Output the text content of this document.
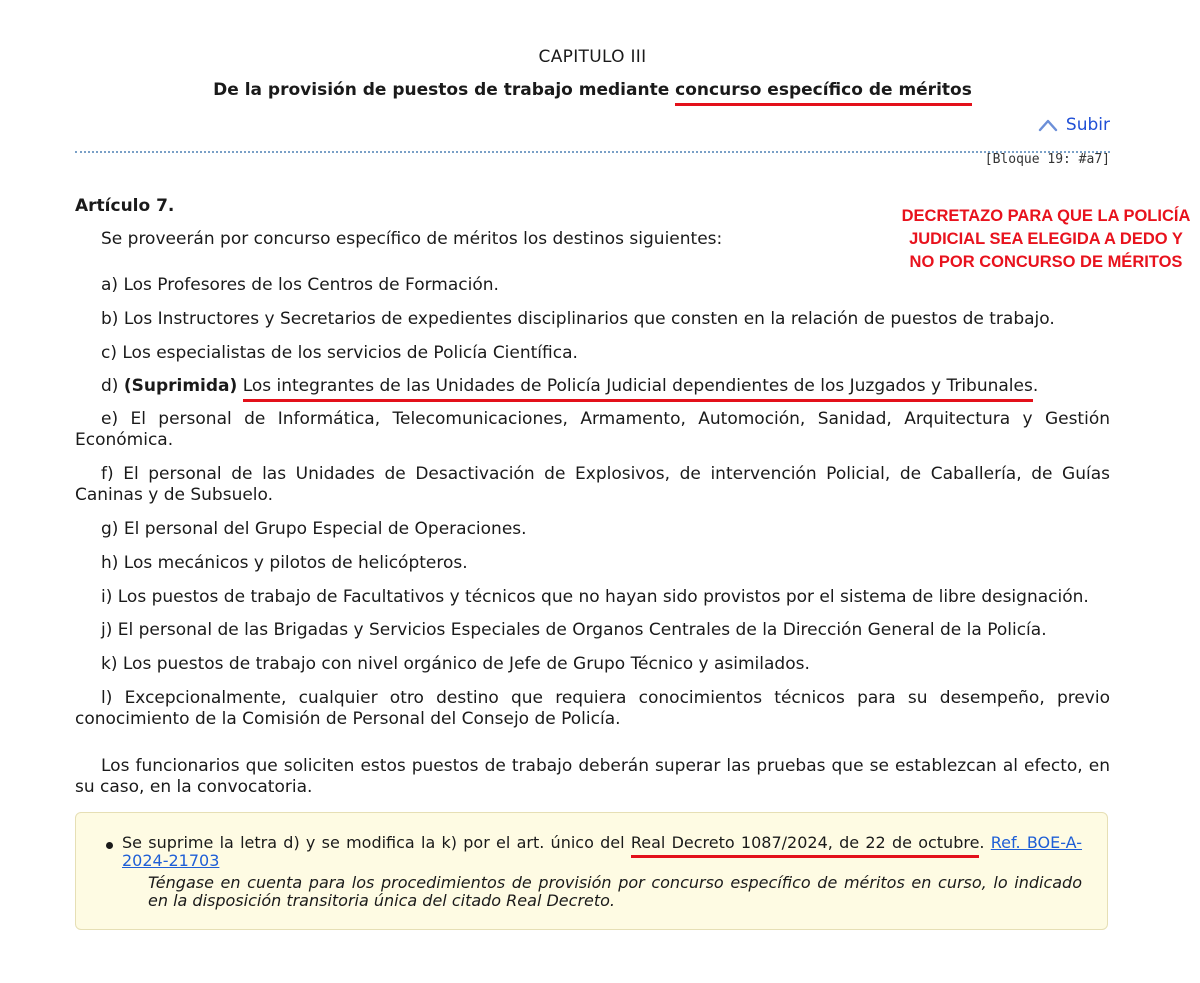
CAPITULO III
De la provisión de puestos de trabajo mediante concurso específico de méritos
Subir
[Bloque 19: #a7]
Artículo 7.
Se proveerán por concurso específico de méritos los destinos siguientes:
a) Los Profesores de los Centros de Formación.
b) Los Instructores y Secretarios de expedientes disciplinarios que consten en la relación de puestos de trabajo.
c) Los especialistas de los servicios de Policía Científica.
d) (Suprimida) Los integrantes de las Unidades de Policía Judicial dependientes de los Juzgados y Tribunales.
e) El personal de Informática, Telecomunicaciones, Armamento, Automoción, Sanidad, Arquitectura y Gestión Económica.
f) El personal de las Unidades de Desactivación de Explosivos, de intervención Policial, de Caballería, de Guías Caninas y de Subsuelo.
g) El personal del Grupo Especial de Operaciones.
h) Los mecánicos y pilotos de helicópteros.
i) Los puestos de trabajo de Facultativos y técnicos que no hayan sido provistos por el sistema de libre designación.
j) El personal de las Brigadas y Servicios Especiales de Organos Centrales de la Dirección General de la Policía.
k) Los puestos de trabajo con nivel orgánico de Jefe de Grupo Técnico y asimilados.
l) Excepcionalmente, cualquier otro destino que requiera conocimientos técnicos para su desempeño, previo conocimiento de la Comisión de Personal del Consejo de Policía.
Los funcionarios que soliciten estos puestos de trabajo deberán superar las pruebas que se establezcan al efecto, en su caso, en la convocatoria.
Se suprime la letra d) y se modifica la k) por el art. único del Real Decreto 1087/2024, de 22 de octubre. Ref. BOE-A-2024-21703
Téngase en cuenta para los procedimientos de provisión por concurso específico de méritos en curso, lo indicado en la disposición transitoria única del citado Real Decreto.
DECRETAZO PARA QUE LA POLICÍA
JUDICIAL SEA ELEGIDA A DEDO Y
NO POR CONCURSO DE MÉRITOS
